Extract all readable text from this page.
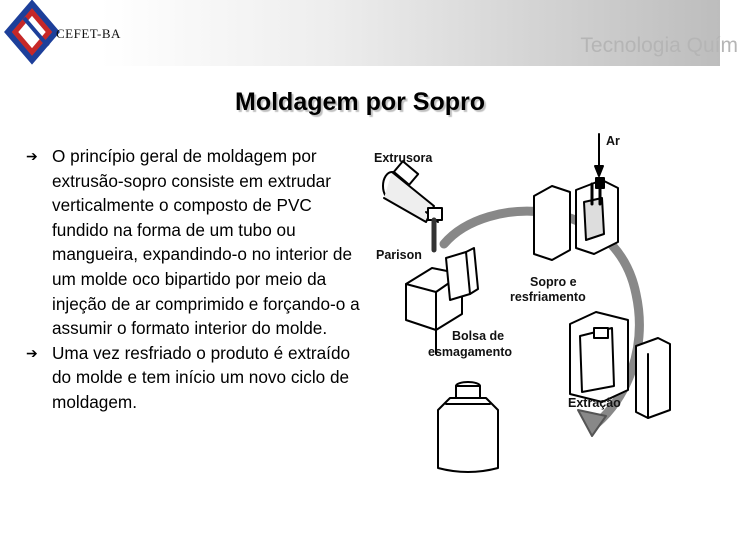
CEFET-BA
Tecnologia Quím
Moldagem por Sopro
➔ O princípio geral de moldagem por extrusão-sopro consiste em extrudar verticalmente o composto de PVC fundido na forma de um tubo ou mangueira, expandindo-o no interior de um molde oco bipartido por meio da injeção de ar comprimido e forçando-o a assumir o formato interior do molde.
➔ Uma vez resfriado o produto é extraído do molde e tem início um novo ciclo de moldagem.
Extrusora
Ar
Parison
Sopro e
resfriamento
Bolsa de
esmagamento
Extração
